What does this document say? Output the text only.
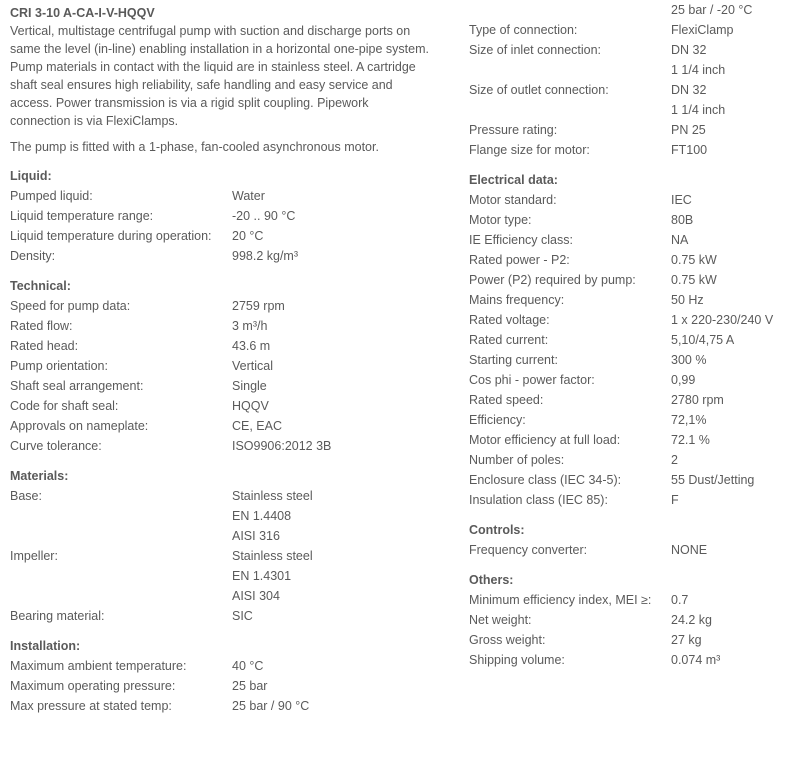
CRI 3-10 A-CA-I-V-HQQV
Vertical, multistage centrifugal pump with suction and discharge ports on
same the level (in-line) enabling installation in a horizontal one-pipe system.
Pump materials in contact with the liquid are in stainless steel. A cartridge
shaft seal ensures high reliability, safe handling and easy service and
access. Power transmission is via a rigid split coupling. Pipework
connection is via FlexiClamps.
The pump is fitted with a 1-phase, fan-cooled asynchronous motor.
Liquid:
Pumped liquid:	Water
Liquid temperature range:	-20 .. 90 °C
Liquid temperature during operation:	20 °C
Density:	998.2 kg/m³
Technical:
Speed for pump data:	2759 rpm
Rated flow:	3 m³/h
Rated head:	43.6 m
Pump orientation:	Vertical
Shaft seal arrangement:	Single
Code for shaft seal:	HQQV
Approvals on nameplate:	CE, EAC
Curve tolerance:	ISO9906:2012 3B
Materials:
Base:	Stainless steel
EN 1.4408
AISI 316
Impeller:	Stainless steel
EN 1.4301
AISI 304
Bearing material:	SIC
Installation:
Maximum ambient temperature:	40 °C
Maximum operating pressure:	25 bar
Max pressure at stated temp:	25 bar / 90 °C
25 bar / -20 °C
Type of connection:	FlexiClamp
Size of inlet connection:	DN 32
1 1/4 inch
Size of outlet connection:	DN 32
1 1/4 inch
Pressure rating:	PN 25
Flange size for motor:	FT100
Electrical data:
Motor standard:	IEC
Motor type:	80B
IE Efficiency class:	NA
Rated power - P2:	0.75 kW
Power (P2) required by pump:	0.75 kW
Mains frequency:	50 Hz
Rated voltage:	1 x 220-230/240 V
Rated current:	5,10/4,75 A
Starting current:	300 %
Cos phi - power factor:	0,99
Rated speed:	2780 rpm
Efficiency:	72,1%
Motor efficiency at full load:	72.1 %
Number of poles:	2
Enclosure class (IEC 34-5):	55 Dust/Jetting
Insulation class (IEC 85):	F
Controls:
Frequency converter:	NONE
Others:
Minimum efficiency index, MEI ≥:	0.7
Net weight:	24.2 kg
Gross weight:	27 kg
Shipping volume:	0.074 m³
